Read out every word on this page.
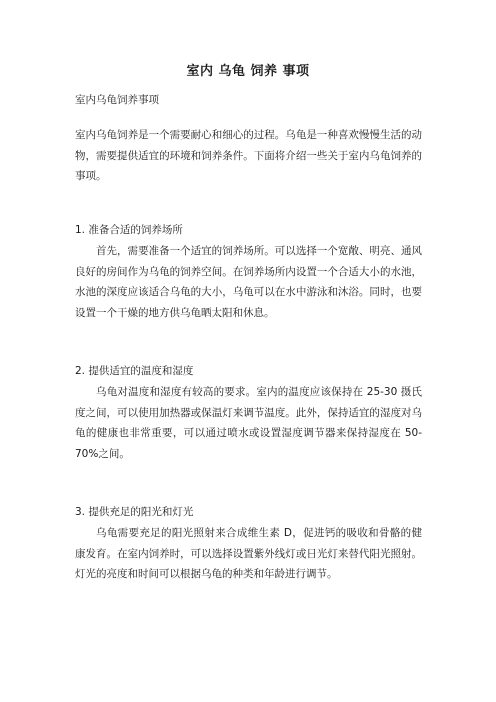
室内 乌龟 饲养 事项
室内乌龟饲养事项

室内乌龟饲养是一个需要耐心和细心的过程。乌龟是一种喜欢慢慢生活的动物，需要提供适宜的环境和饲养条件。下面将介绍一些关于室内乌龟饲养的事项。

1. 准备合适的饲养场所

首先，需要准备一个适宜的饲养场所。可以选择一个宽敞、明亮、通风良好的房间作为乌龟的饲养空间。在饲养场所内设置一个合适大小的水池，水池的深度应该适合乌龟的大小，乌龟可以在水中游泳和沐浴。同时，也要设置一个干燥的地方供乌龟晒太阳和休息。

2. 提供适宜的温度和湿度

乌龟对温度和湿度有较高的要求。室内的温度应该保持在 25-30 摄氏度之间，可以使用加热器或保温灯来调节温度。此外，保持适宜的湿度对乌龟的健康也非常重要，可以通过喷水或设置湿度调节器来保持湿度在 50-70%之间。

3. 提供充足的阳光和灯光

乌龟需要充足的阳光照射来合成维生素 D，促进钙的吸收和骨骼的健康发育。在室内饲养时，可以选择设置紫外线灯或日光灯来替代阳光照射。灯光的亮度和时间可以根据乌龟的种类和年龄进行调节。
